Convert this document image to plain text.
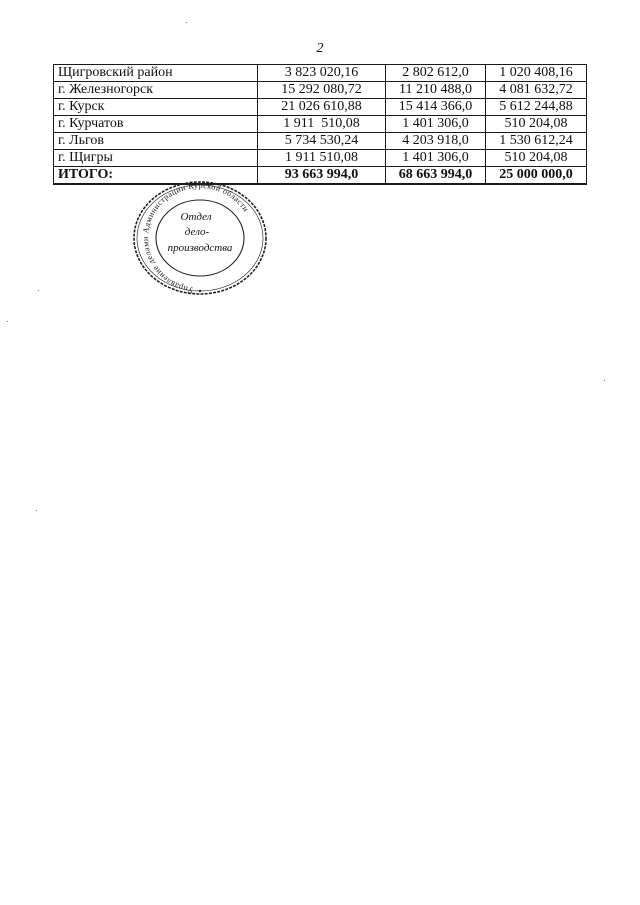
2
Щигровский район	3 823 020,16	2 802 612,0	1 020 408,16
г. Железногорск	15 292 080,72	11 210 488,0	4 081 632,72
г. Курск	21 026 610,88	15 414 366,0	5 612 244,88
г. Курчатов	1 911  510,08	1 401 306,0	510 204,08
г. Льгов	5 734 530,24	4 203 918,0	1 530 612,24
г. Щигры	1 911 510,08	1 401 306,0	510 204,08
ИТОГО:	93 663 994,0	68 663 994,0	25 000 000,0
Управление делами Администрации Курской области
Отдел
дело-
производства
